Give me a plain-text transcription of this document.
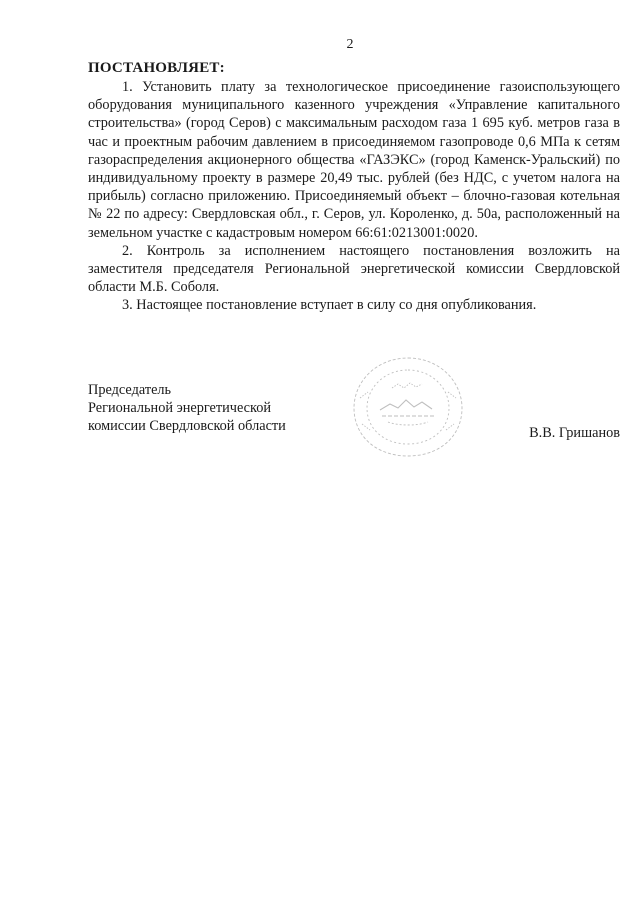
2
ПОСТАНОВЛЯЕТ:

1. Установить плату за технологическое присоединение газоиспользующего оборудования муниципального казенного учреждения «Управление капитального строительства» (город Серов) с максимальным расходом газа 1 695 куб. метров газа в час и проектным рабочим давлением в присоединяемом газопроводе 0,6 МПа к сетям газораспределения акционерного общества «ГАЗЭКС» (город Каменск-Уральский) по индивидуальному проекту в размере 20,49 тыс. рублей (без НДС, с учетом налога на прибыль) согласно приложению. Присоединяемый объект – блочно-газовая котельная № 22 по адресу: Свердловская обл., г. Серов, ул. Короленко, д. 50а, расположенный на земельном участке с кадастровым номером 66:61:0213001:0020.

2. Контроль за исполнением настоящего постановления возложить на заместителя председателя Региональной энергетической комиссии Свердловской области М.Б. Соболя.

3. Настоящее постановление вступает в силу со дня опубликования.

Председатель
Региональной энергетической
комиссии Свердловской области	В.В. Гришанов
